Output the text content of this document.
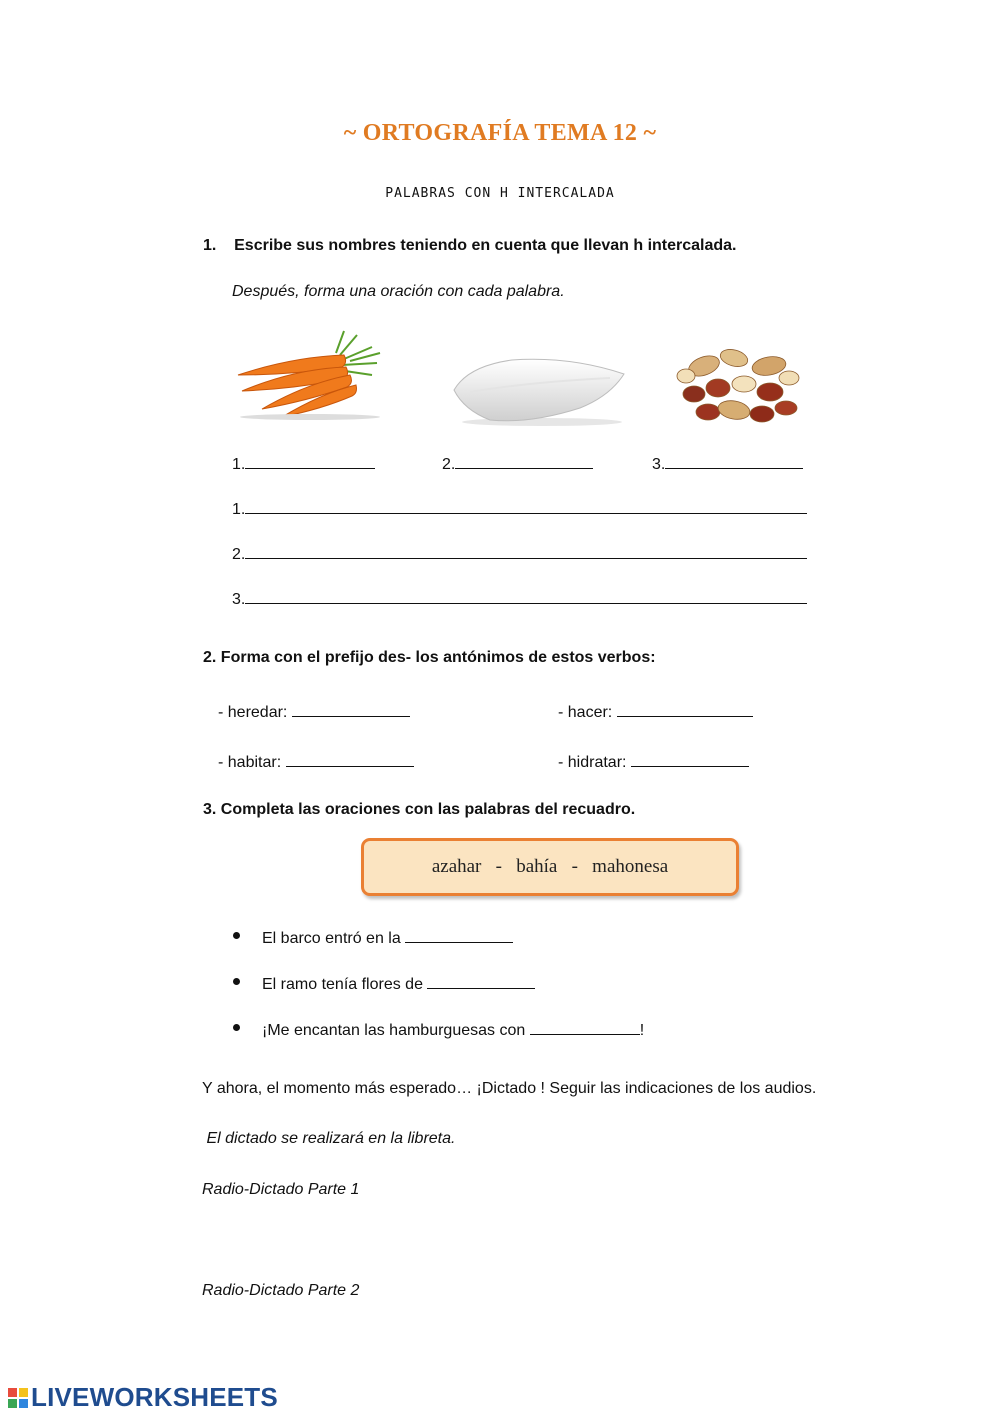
~ ORTOGRAFÍA TEMA 12 ~
PALABRAS CON H INTERCALADA
1.    Escribe sus nombres teniendo en cuenta que llevan h intercalada.
Después, forma una oración con cada palabra.
1.	2.	3.
1.
2.
3.
2. Forma con el prefijo des- los antónimos de estos verbos:
- heredar:	- hacer:
- habitar:	- hidratar:
3. Completa las oraciones con las palabras del recuadro.
azahar   -   bahía   -   mahonesa
El barco entró en la
El ramo tenía flores de
¡Me encantan las hamburguesas con	!
Y ahora, el momento más esperado… ¡Dictado ! Seguir las indicaciones de los audios.
El dictado se realizará en la libreta.
Radio-Dictado Parte 1
Radio-Dictado Parte 2
LIVEWORKSHEETS
